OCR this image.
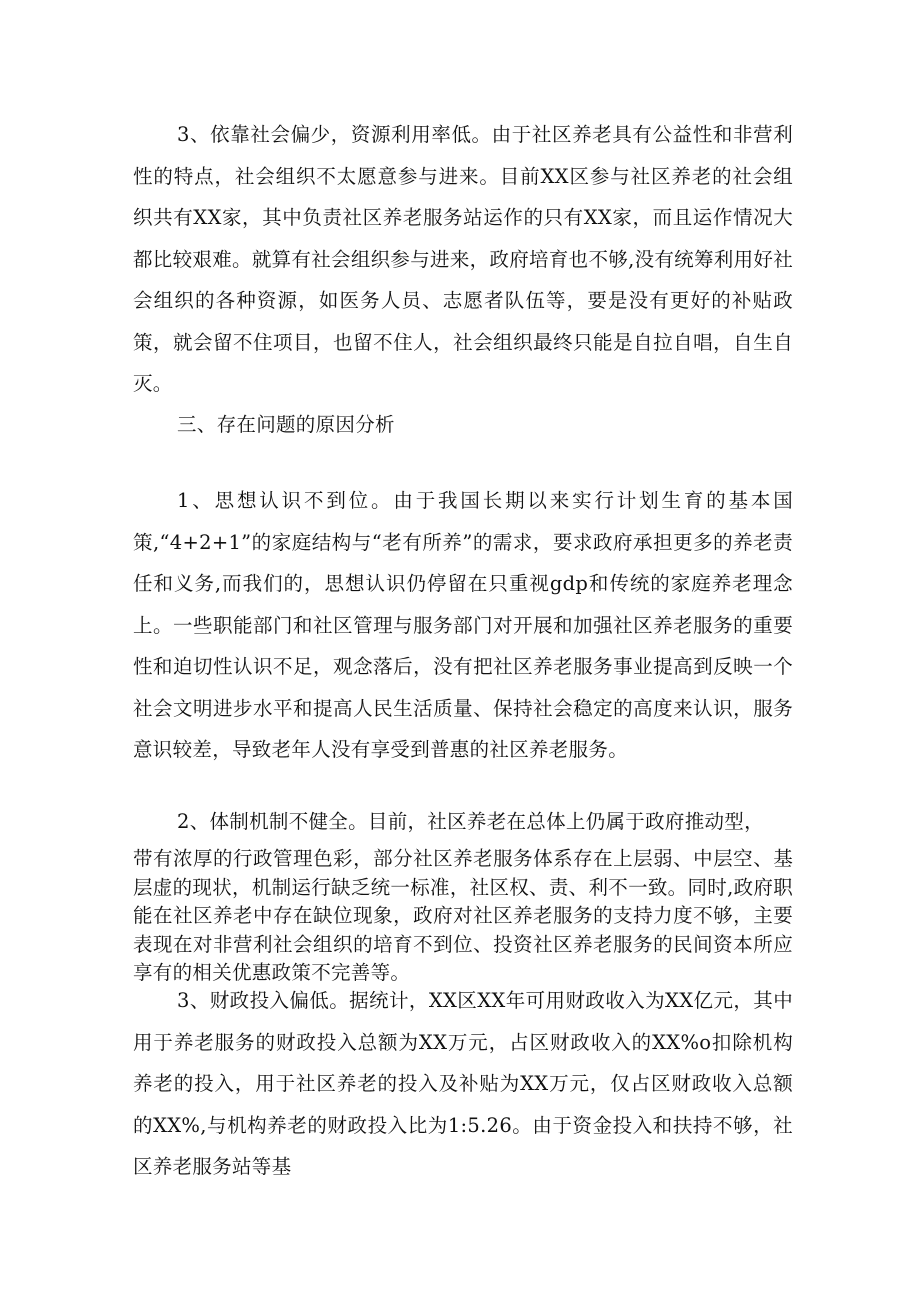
3、依靠社会偏少，资源利用率低。由于社区养老具有公益性和非营利性的特点，社会组织不太愿意参与进来。目前XX区参与社区养老的社会组织共有XX家，其中负责社区养老服务站运作的只有XX家，而且运作情况大都比较艰难。就算有社会组织参与进来，政府培育也不够,没有统筹利用好社会组织的各种资源，如医务人员、志愿者队伍等，要是没有更好的补贴政策，就会留不住项目，也留不住人，社会组织最终只能是自拉自唱，自生自灭。

三、存在问题的原因分析

1、思想认识不到位。由于我国长期以来实行计划生育的基本国策,“4+2+1”的家庭结构与“老有所养”的需求，要求政府承担更多的养老责任和义务,而我们的，思想认识仍停留在只重视gdp和传统的家庭养老理念上。一些职能部门和社区管理与服务部门对开展和加强社区养老服务的重要性和迫切性认识不足，观念落后，没有把社区养老服务事业提高到反映一个社会文明进步水平和提高人民生活质量、保持社会稳定的高度来认识，服务意识较差，导致老年人没有享受到普惠的社区养老服务。

2、体制机制不健全。目前，社区养老在总体上仍属于政府推动型，

带有浓厚的行政管理色彩，部分社区养老服务体系存在上层弱、中层空、基层虚的现状，机制运行缺乏统一标准，社区权、责、利不一致。同时,政府职能在社区养老中存在缺位现象，政府对社区养老服务的支持力度不够，主要表现在对非营利社会组织的培育不到位、投资社区养老服务的民间资本所应享有的相关优惠政策不完善等。

3、财政投入偏低。据统计，XX区XX年可用财政收入为XX亿元，其中用于养老服务的财政投入总额为XX万元，占区财政收入的XX%o扣除机构养老的投入，用于社区养老的投入及补贴为XX万元，仅占区财政收入总额的XX%,与机构养老的财政投入比为1:5.26。由于资金投入和扶持不够，社区养老服务站等基
